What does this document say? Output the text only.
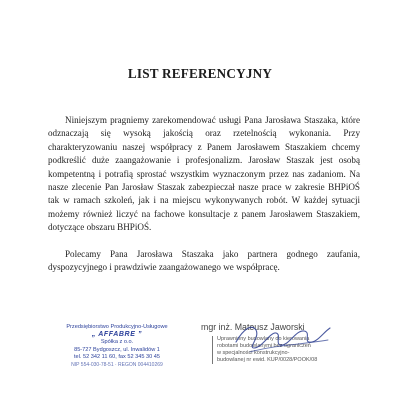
LIST REFERENCYJNY

Niniejszym pragniemy zarekomendować usługi Pana Jarosława Staszaka, które odznaczają się wysoką jakością oraz rzetelnością wykonania. Przy charakteryzowaniu naszej współpracy z Panem Jarosławem Staszakiem chcemy podkreślić duże zaangażowanie i profesjonalizm. Jarosław Staszak jest osobą kompetentną i potrafią sprostać wszystkim wyznaczonym przez nas zadaniom. Na nasze zlecenie Pan Jarosław Staszak zabezpieczał nasze prace w zakresie BHPiOŚ tak w ramach szkoleń, jak i na miejscu wykonywanych robót. W każdej sytuacji możemy również liczyć na fachowe konsultacje z panem Jarosławem Staszakiem, dotyczące obszaru BHPiOŚ.

Polecamy Pana Jarosława Staszaka jako partnera godnego zaufania, dyspozycyjnego i prawdziwie zaangażowanego we współpracę.

Przedsiębiorstwo Produkcyjno-Usługowe
„ AFFABRE ”
Spółka z o.o.
85-727 Bydgoszcz, ul. Inwalidów 1
tel. 52 342 11 60, fax 52 345 30 45
NIP 554-030-78-51 · REGON 004410269
mgr inż. Mateusz Jaworski
Uprawniony budowlany do kierowania
robotami budowlanymi bez ograniczeń
w specjalności konstrukcyjno-
budowlanej nr ewid. KUP/0028/POOK/08
